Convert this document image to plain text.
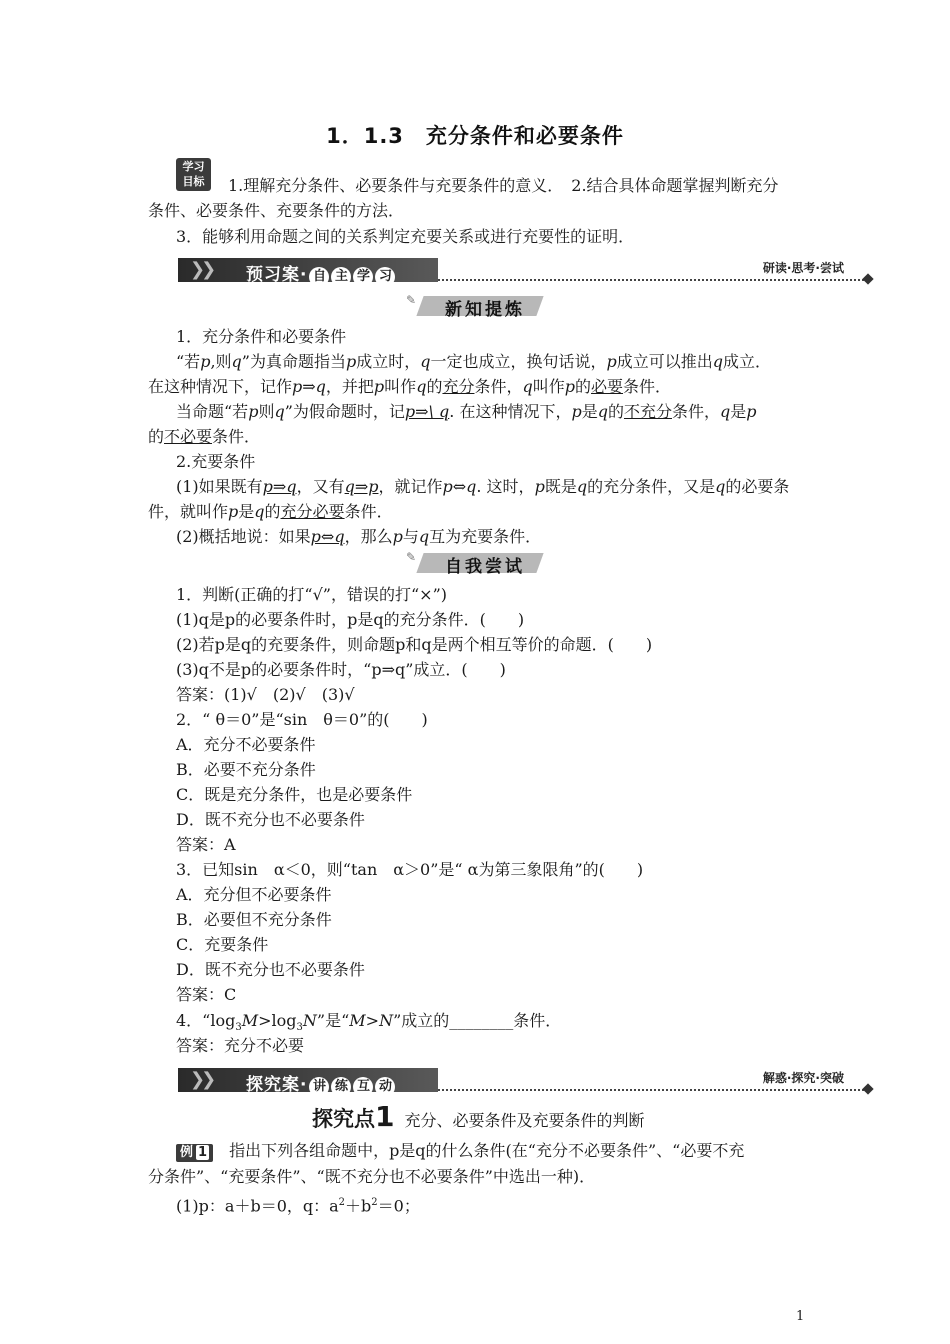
1．1.3　充分条件和必要条件
学习
目标	1.理解充分条件、必要条件与充要条件的意义．　2.结合具体命题掌握判断充分
条件、必要条件、充要条件的方法．
3．能够利用命题之间的关系判定充要关系或进行充要性的证明．
❯❯ 预习案· 自 主 学 习
研读·思考·尝试
✎	新知提炼
1．充分条件和必要条件
“若p,则q”为真命题指当p成立时，q一定也成立，换句话说，p成立可以推出q成立．
在这种情况下，记作p⇒q，并把p叫作q的充分条件，q叫作p的必要条件．
当命题“若p则q”为假命题时，记p⇒\ q. 在这种情况下，p是q的不充分条件，q是p
的不必要条件．
2.充要条件
(1)如果既有p⇒q，又有q⇒p，就记作p⇔q. 这时，p既是q的充分条件，又是q的必要条
件，就叫作p是q的充分必要条件．
(2)概括地说：如果p⇔q，那么p与q互为充要条件．
✎	自我尝试
1．判断(正确的打“√”，错误的打“×”)
(1)q是p的必要条件时，p是q的充分条件．(　　)
(2)若p是q的充要条件，则命题p和q是两个相互等价的命题．(　　)
(3)q不是p的必要条件时，“p⇒q”成立．(　　)
答案：(1)√　(2)√　(3)√
2．“ θ＝0”是“sin　θ＝0”的(　　)
A．充分不必要条件
B．必要不充分条件
C．既是充分条件，也是必要条件
D．既不充分也不必要条件
答案：A
3．已知sin　α＜0，则“tan　α＞0”是“ α为第三象限角”的(　　)
A．充分但不必要条件
B．必要但不充分条件
C．充要条件
D．既不充分也不必要条件
答案：C
4．“$\log_3M>\log_3N$”是“M>N”成立的________条件．
答案：充分不必要
❯❯ 探究案· 讲 练 互 动
解惑·探究·突破
探究点1 充分、必要条件及充要条件的判断
例 1 指出下列各组命题中，p是q的什么条件(在“充分不必要条件”、“必要不充
分条件”、“充要条件”、“既不充分也不必要条件”中选出一种)．
(1)p：a＋b＝0，q：$a^2+b^2=0$；
1
